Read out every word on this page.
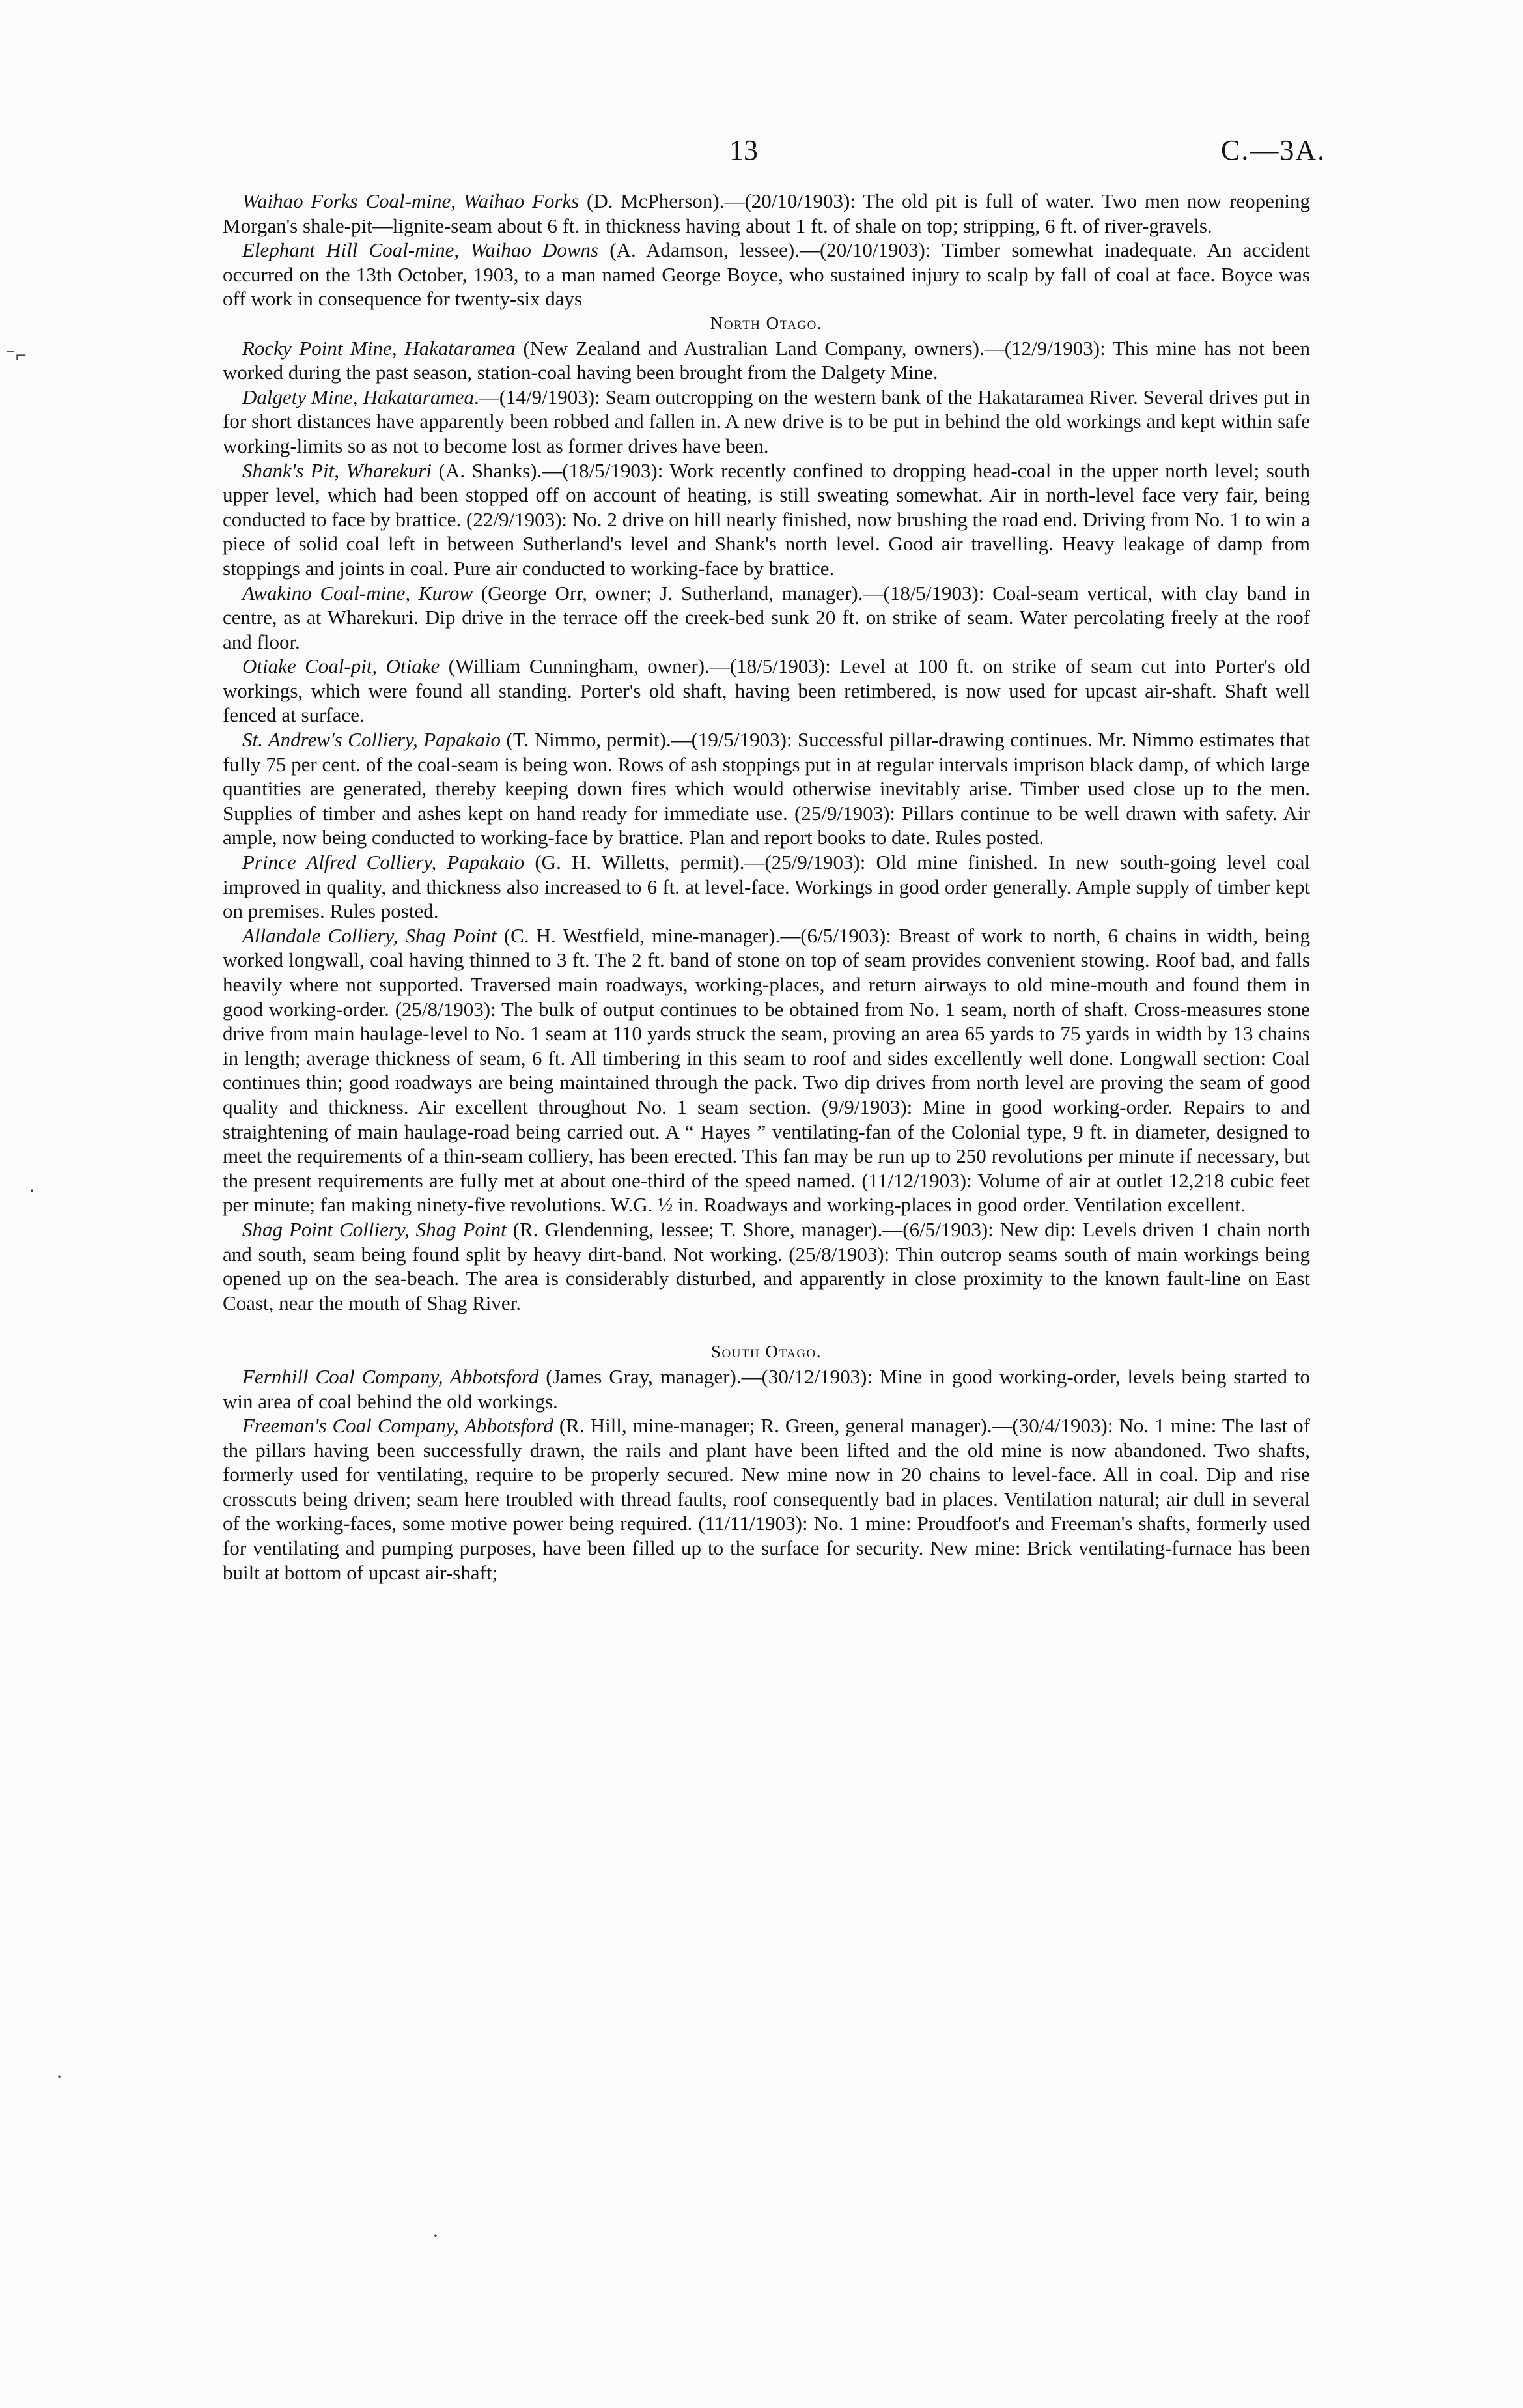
13	C.—3A.
⁻⌐
·
·
·

Waihao Forks Coal-mine, Waihao Forks (D. McPherson).—(20/10/1903): The old pit is full of water. Two men now reopening Morgan's shale-pit—lignite-seam about 6 ft. in thickness having about 1 ft. of shale on top; stripping, 6 ft. of river-gravels.

Elephant Hill Coal-mine, Waihao Downs (A. Adamson, lessee).—(20/10/1903): Timber somewhat inadequate. An accident occurred on the 13th October, 1903, to a man named George Boyce, who sustained injury to scalp by fall of coal at face. Boyce was off work in consequence for twenty-six days

North Otago.

Rocky Point Mine, Hakataramea (New Zealand and Australian Land Company, owners).—(12/9/1903): This mine has not been worked during the past season, station-coal having been brought from the Dalgety Mine.

Dalgety Mine, Hakataramea.—(14/9/1903): Seam outcropping on the western bank of the Hakataramea River. Several drives put in for short distances have apparently been robbed and fallen in. A new drive is to be put in behind the old workings and kept within safe working-limits so as not to become lost as former drives have been.

Shank's Pit, Wharekuri (A. Shanks).—(18/5/1903): Work recently confined to dropping head-coal in the upper north level; south upper level, which had been stopped off on account of heating, is still sweating somewhat. Air in north-level face very fair, being conducted to face by brattice. (22/9/1903): No. 2 drive on hill nearly finished, now brushing the road end. Driving from No. 1 to win a piece of solid coal left in between Sutherland's level and Shank's north level. Good air travelling. Heavy leakage of damp from stoppings and joints in coal. Pure air conducted to working-face by brattice.

Awakino Coal-mine, Kurow (George Orr, owner; J. Sutherland, manager).—(18/5/1903): Coal-seam vertical, with clay band in centre, as at Wharekuri. Dip drive in the terrace off the creek-bed sunk 20 ft. on strike of seam. Water percolating freely at the roof and floor.

Otiake Coal-pit, Otiake (William Cunningham, owner).—(18/5/1903): Level at 100 ft. on strike of seam cut into Porter's old workings, which were found all standing. Porter's old shaft, having been retimbered, is now used for upcast air-shaft. Shaft well fenced at surface.

St. Andrew's Colliery, Papakaio (T. Nimmo, permit).—(19/5/1903): Successful pillar-drawing continues. Mr. Nimmo estimates that fully 75 per cent. of the coal-seam is being won. Rows of ash stoppings put in at regular intervals imprison black damp, of which large quantities are generated, thereby keeping down fires which would otherwise inevitably arise. Timber used close up to the men. Supplies of timber and ashes kept on hand ready for immediate use. (25/9/1903): Pillars continue to be well drawn with safety. Air ample, now being conducted to working-face by brattice. Plan and report books to date. Rules posted.

Prince Alfred Colliery, Papakaio (G. H. Willetts, permit).—(25/9/1903): Old mine finished. In new south-going level coal improved in quality, and thickness also increased to 6 ft. at level-face. Workings in good order generally. Ample supply of timber kept on premises. Rules posted.

Allandale Colliery, Shag Point (C. H. Westfield, mine-manager).—(6/5/1903): Breast of work to north, 6 chains in width, being worked longwall, coal having thinned to 3 ft. The 2 ft. band of stone on top of seam provides convenient stowing. Roof bad, and falls heavily where not supported. Traversed main roadways, working-places, and return airways to old mine-mouth and found them in good working-order. (25/8/1903): The bulk of output continues to be obtained from No. 1 seam, north of shaft. Cross-measures stone drive from main haulage-level to No. 1 seam at 110 yards struck the seam, proving an area 65 yards to 75 yards in width by 13 chains in length; average thickness of seam, 6 ft. All timbering in this seam to roof and sides excellently well done. Longwall section: Coal continues thin; good roadways are being maintained through the pack. Two dip drives from north level are proving the seam of good quality and thickness. Air excellent throughout No. 1 seam section. (9/9/1903): Mine in good working-order. Repairs to and straightening of main haulage-road being carried out. A “ Hayes ” ventilating-fan of the Colonial type, 9 ft. in diameter, designed to meet the requirements of a thin-seam colliery, has been erected. This fan may be run up to 250 revolutions per minute if necessary, but the present requirements are fully met at about one-third of the speed named. (11/12/1903): Volume of air at outlet 12,218 cubic feet per minute; fan making ninety-five revolutions. W.G. ½ in. Roadways and working-places in good order. Ventilation excellent.

Shag Point Colliery, Shag Point (R. Glendenning, lessee; T. Shore, manager).—(6/5/1903): New dip: Levels driven 1 chain north and south, seam being found split by heavy dirt-band. Not working. (25/8/1903): Thin outcrop seams south of main workings being opened up on the sea-beach. The area is considerably disturbed, and apparently in close proximity to the known fault-line on East Coast, near the mouth of Shag River.

South Otago.

Fernhill Coal Company, Abbotsford (James Gray, manager).—(30/12/1903): Mine in good working-order, levels being started to win area of coal behind the old workings.

Freeman's Coal Company, Abbotsford (R. Hill, mine-manager; R. Green, general manager).—(30/4/1903): No. 1 mine: The last of the pillars having been successfully drawn, the rails and plant have been lifted and the old mine is now abandoned. Two shafts, formerly used for ventilating, require to be properly secured. New mine now in 20 chains to level-face. All in coal. Dip and rise crosscuts being driven; seam here troubled with thread faults, roof consequently bad in places. Ventilation natural; air dull in several of the working-faces, some motive power being required. (11/11/1903): No. 1 mine: Proudfoot's and Freeman's shafts, formerly used for ventilating and pumping purposes, have been filled up to the surface for security. New mine: Brick ventilating-furnace has been built at bottom of upcast air-shaft;
